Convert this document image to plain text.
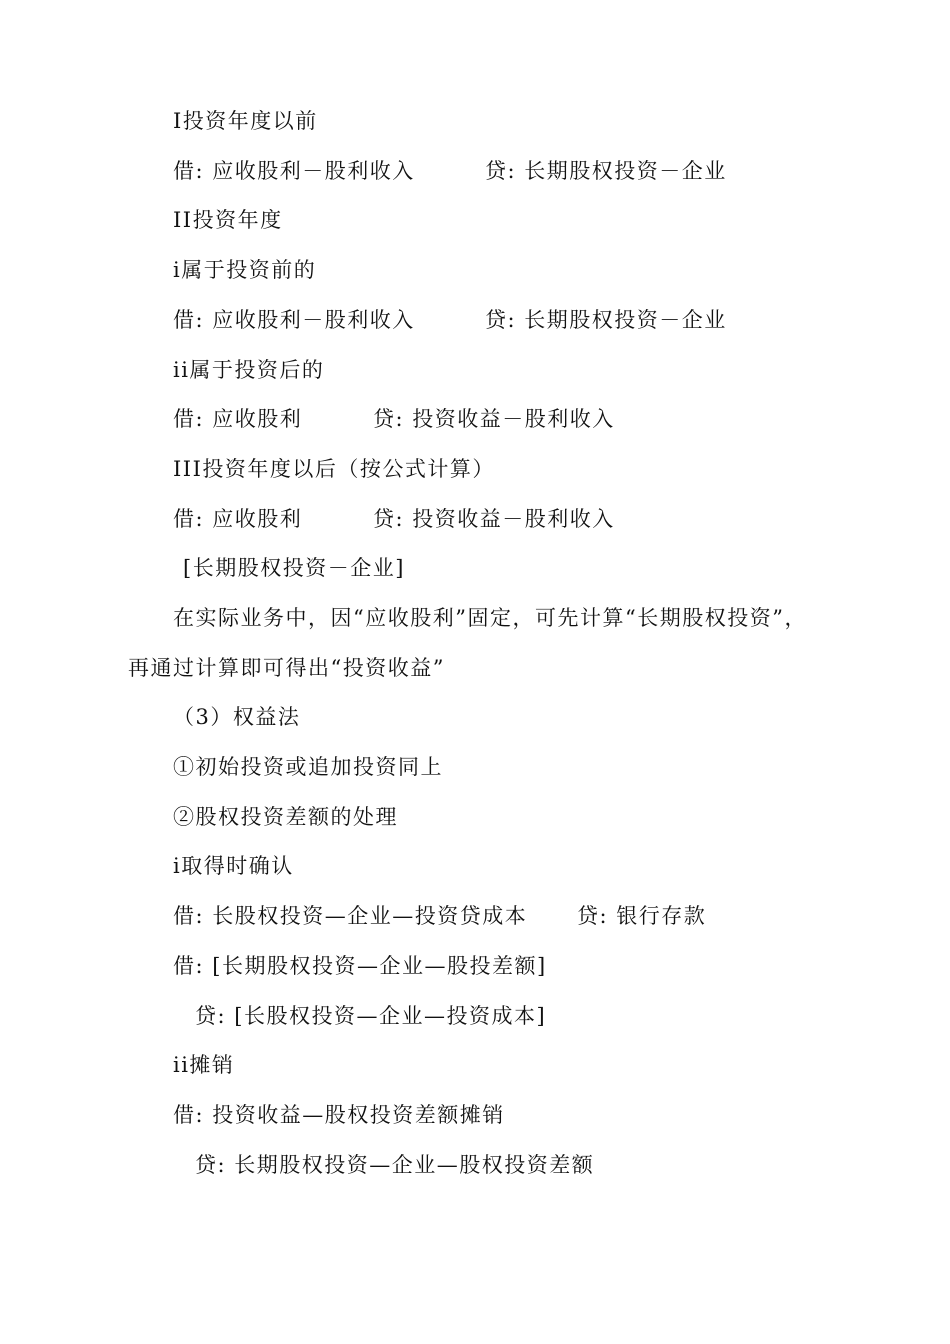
I投资年度以前

借: 应收股利－股利收入

	贷: 长期股权投资－企业

II投资年度

i属于投资前的

借: 应收股利－股利收入

	贷: 长期股权投资－企业

ii属于投资后的

借: 应收股利

	贷: 投资收益－股利收入

III投资年度以后（按公式计算）

借: 应收股利

	贷: 投资收益－股利收入

[长期股权投资－企业]

在实际业务中，因“应收股利”固定，可先计算“长期股权投资”，

再通过计算即可得出“投资收益”

（3）权益法

①初始投资或追加投资同上

②股权投资差额的处理

i取得时确认

借: 长股权投资—企业—投资贷成本

贷: 银行存款

借: [长期股权投资—企业—股投差额]

贷: [长股权投资—企业—投资成本]

ii摊销

借: 投资收益—股权投资差额摊销

贷: 长期股权投资—企业—股权投资差额
